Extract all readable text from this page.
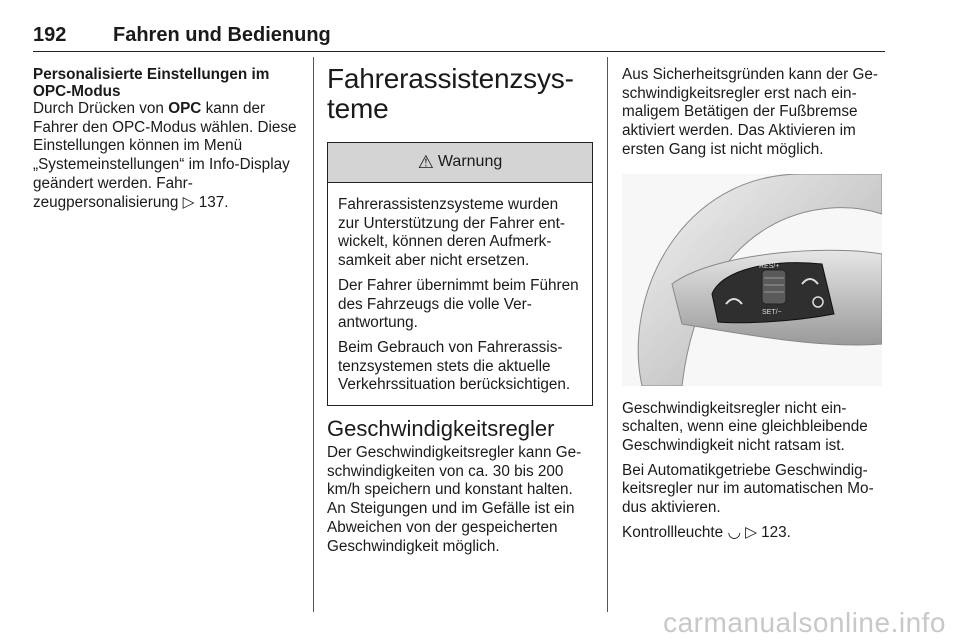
192 Fahren und Bedienung
Personalisierte Einstellungen im OPC-Modus

Durch Drücken von OPC kann der Fahrer den OPC-Modus wählen. Diese Einstellungen können im Menü „Systemeinstellungen“ im Info-Display geändert werden. Fahrzeugpersonalisierung ▷ 137.

Fahrerassistenzsysteme
⚠ Warnung

Fahrerassistenzsysteme wurden zur Unterstützung der Fahrer entwickelt, können deren Aufmerksamkeit aber nicht ersetzen.

Der Fahrer übernimmt beim Führen des Fahrzeugs die volle Verantwortung.

Beim Gebrauch von Fahrerassistenzsystemen stets die aktuelle Verkehrssituation berücksichtigen.

Geschwindigkeitsregler

Der Geschwindigkeitsregler kann Geschwindigkeiten von ca. 30 bis 200 km/h speichern und konstant halten. An Steigungen und im Gefälle ist ein Abweichen von der gespeicherten Geschwindigkeit möglich.

Aus Sicherheitsgründen kann der Geschwindigkeitsregler erst nach einmaligem Betätigen der Fußbremse aktiviert werden. Das Aktivieren im ersten Gang ist nicht möglich.

RES/+
SET/−

Geschwindigkeitsregler nicht einschalten, wenn eine gleichbleibende Geschwindigkeit nicht ratsam ist.

Bei Automatikgetriebe Geschwindigkeitsregler nur im automatischen Modus aktivieren.

Kontrollleuchte ◡ ▷ 123.

carmanualsonline.info
